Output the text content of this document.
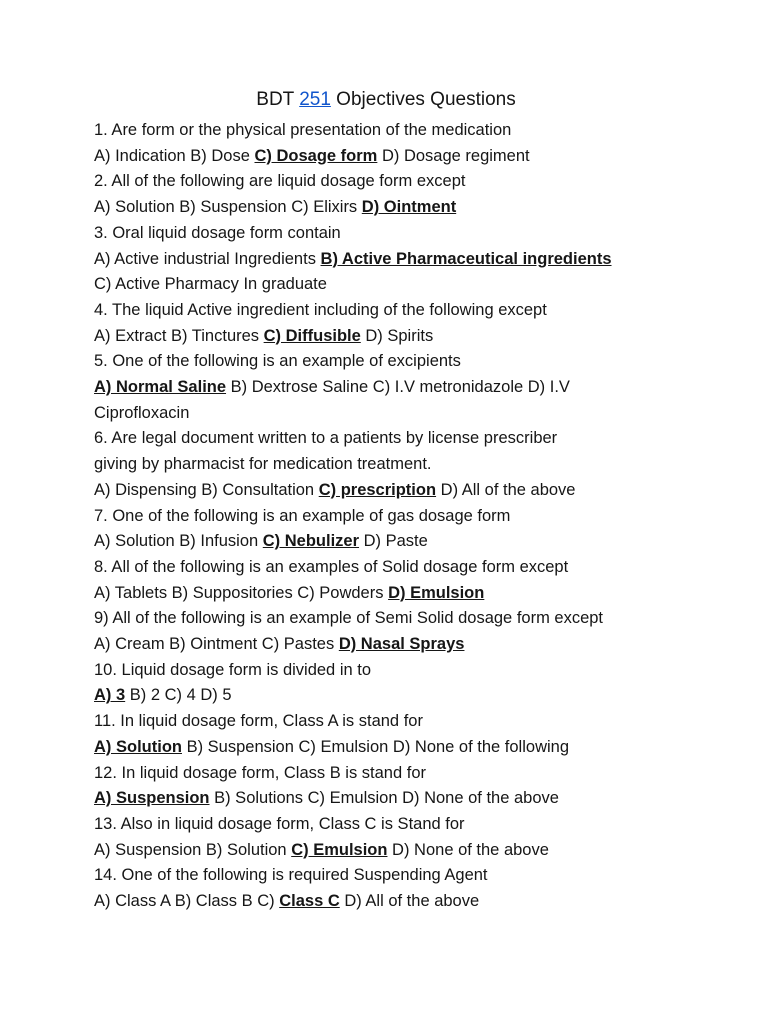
BDT 251 Objectives Questions
1. Are form or the physical presentation of the medication
A) Indication B) Dose C) Dosage form D) Dosage regiment
2. All of the following are liquid dosage form except
A) Solution B) Suspension C) Elixirs D) Ointment
3. Oral liquid dosage form contain
A) Active industrial Ingredients B) Active Pharmaceutical ingredients
C) Active Pharmacy In graduate
4. The liquid Active ingredient including of the following except
A) Extract B) Tinctures C) Diffusible D) Spirits
5. One of the following is an example of excipients
A) Normal Saline B) Dextrose Saline C) I.V metronidazole D) I.V
Ciprofloxacin
6. Are legal document written to a patients by license prescriber
giving by pharmacist for medication treatment.
A) Dispensing B) Consultation C) prescription D) All of the above
7. One of the following is an example of gas dosage form
A) Solution B) Infusion C) Nebulizer D) Paste
8. All of the following is an examples of Solid dosage form except
A) Tablets B) Suppositories C) Powders D) Emulsion
9) All of the following is an example of Semi Solid dosage form except
A) Cream B) Ointment C) Pastes D) Nasal Sprays
10. Liquid dosage form is divided in to
A) 3 B) 2 C) 4 D) 5
11. In liquid dosage form, Class A is stand for
A) Solution B) Suspension C) Emulsion D) None of the following
12. In liquid dosage form, Class B is stand for
A) Suspension B) Solutions C) Emulsion D) None of the above
13. Also in liquid dosage form, Class C is Stand for
A) Suspension B) Solution C) Emulsion D) None of the above
14. One of the following is required Suspending Agent
A) Class A B) Class B C) Class C D) All of the above
